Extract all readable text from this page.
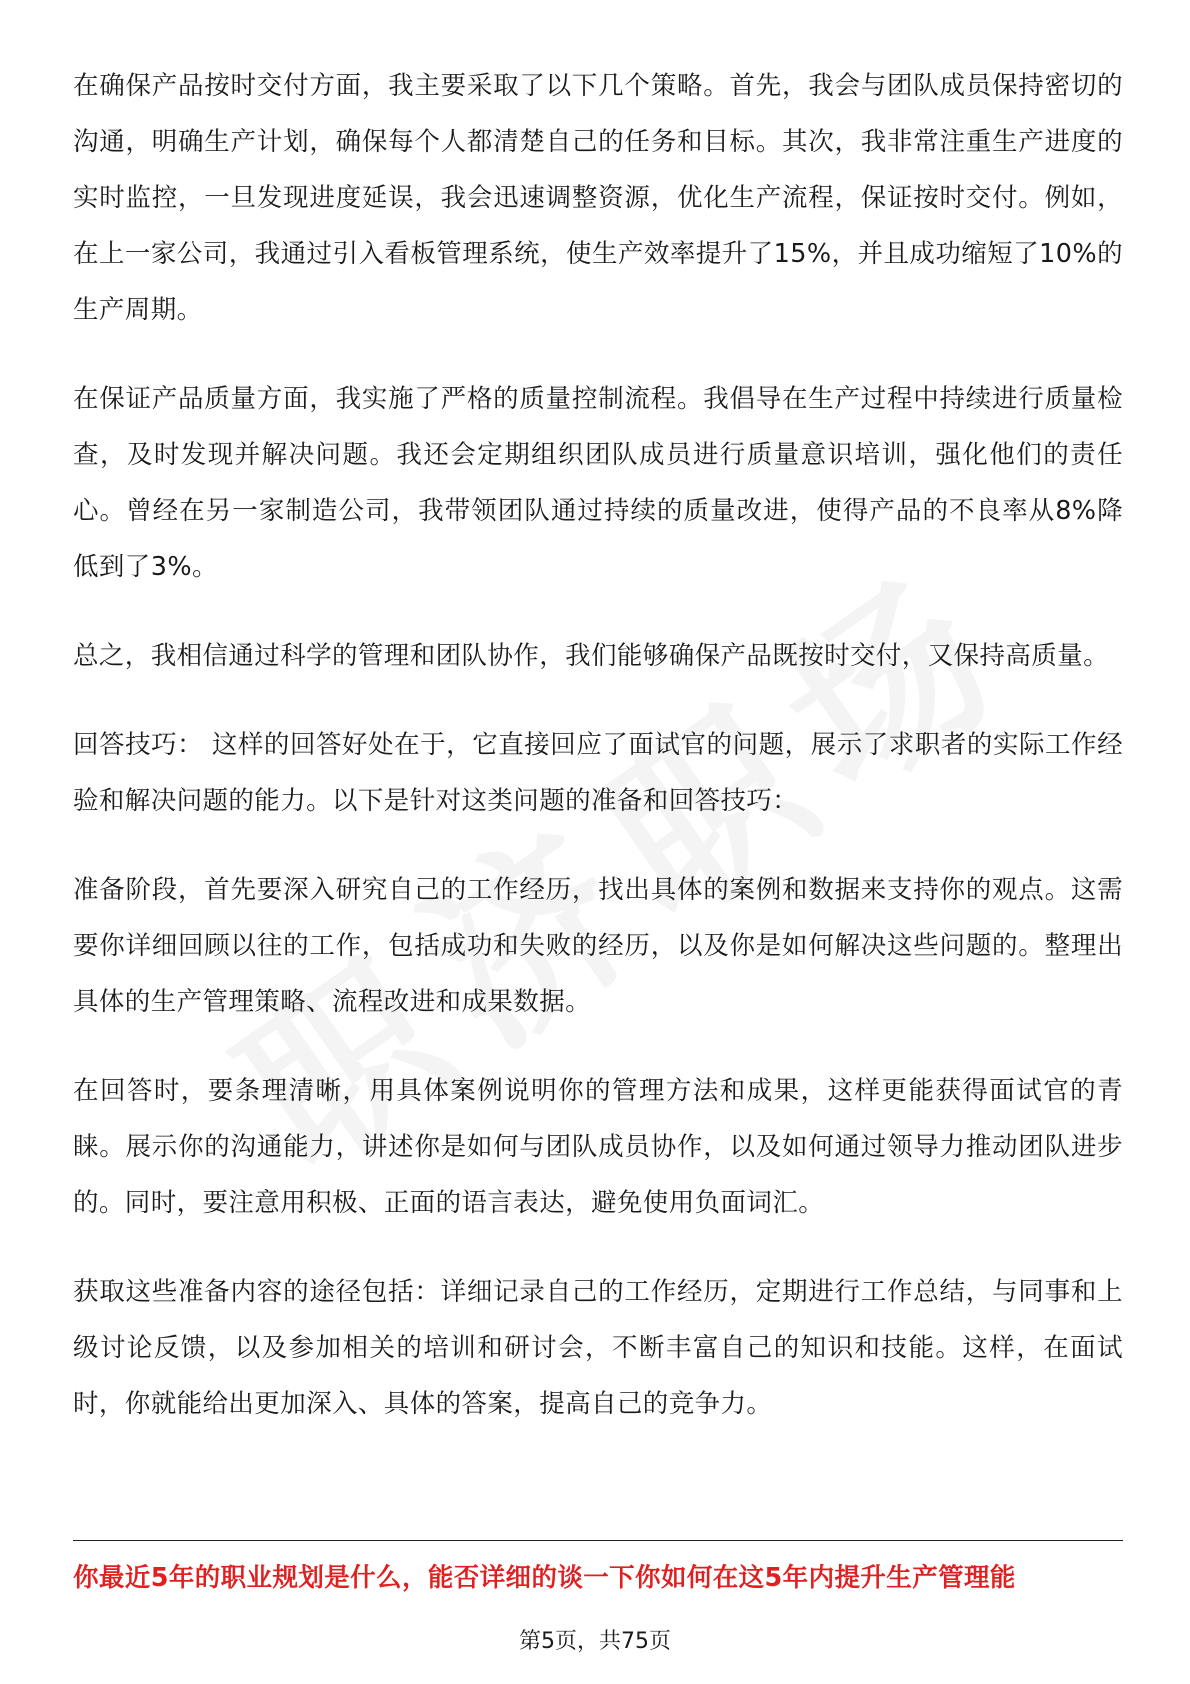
在确保产品按时交付方面，我主要采取了以下几个策略。首先，我会与团队成员保持密切的沟通，明确生产计划，确保每个人都清楚自己的任务和目标。其次，我非常注重生产进度的实时监控，一旦发现进度延误，我会迅速调整资源，优化生产流程，保证按时交付。例如，在上一家公司，我通过引入看板管理系统，使生产效率提升了15%，并且成功缩短了10%的生产周期。

在保证产品质量方面，我实施了严格的质量控制流程。我倡导在生产过程中持续进行质量检查，及时发现并解决问题。我还会定期组织团队成员进行质量意识培训，强化他们的责任心。曾经在另一家制造公司，我带领团队通过持续的质量改进，使得产品的不良率从8%降低到了3%。

总之，我相信通过科学的管理和团队协作，我们能够确保产品既按时交付，又保持高质量。

回答技巧： 这样的回答好处在于，它直接回应了面试官的问题，展示了求职者的实际工作经验和解决问题的能力。以下是针对这类问题的准备和回答技巧：

准备阶段，首先要深入研究自己的工作经历，找出具体的案例和数据来支持你的观点。这需要你详细回顾以往的工作，包括成功和失败的经历，以及你是如何解决这些问题的。整理出具体的生产管理策略、流程改进和成果数据。

在回答时，要条理清晰，用具体案例说明你的管理方法和成果，这样更能获得面试官的青睐。展示你的沟通能力，讲述你是如何与团队成员协作，以及如何通过领导力推动团队进步的。同时，要注意用积极、正面的语言表达，避免使用负面词汇。

获取这些准备内容的途径包括：详细记录自己的工作经历，定期进行工作总结，与同事和上级讨论反馈，以及参加相关的培训和研讨会，不断丰富自己的知识和技能。这样，在面试时，你就能给出更加深入、具体的答案，提高自己的竞争力。

你最近5年的职业规划是什么，能否详细的谈一下你如何在这5年内提升生产管理能
第5页，共75页
